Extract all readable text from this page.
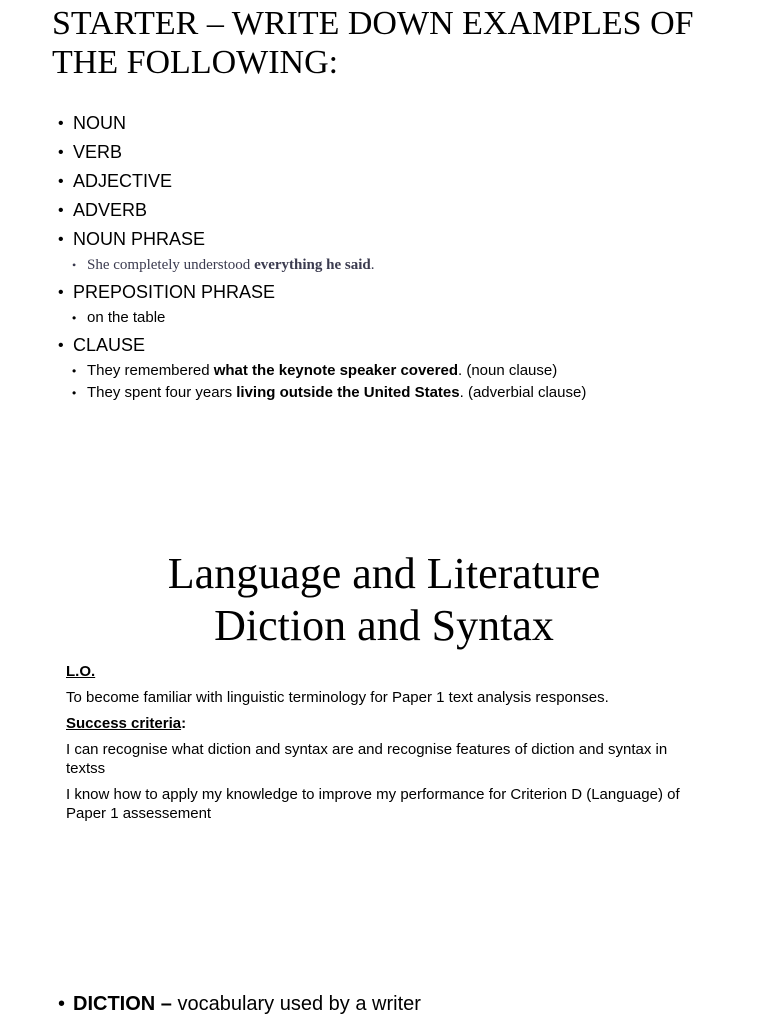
STARTER – WRITE DOWN EXAMPLES OF THE FOLLOWING:
• NOUN
• VERB
• ADJECTIVE
• ADVERB
• NOUN PHRASE
• She completely understood everything he said.
• PREPOSITION PHRASE
• on the table
• CLAUSE
• They remembered what the keynote speaker covered. (noun clause)
• They spent four years living outside the United States. (adverbial clause)
Language and Literature
Diction and Syntax

L.O.

To become familiar with linguistic terminology for Paper 1 text analysis responses.

Success criteria:

I can recognise what diction and syntax are and recognise features of diction and syntax in textss

I know how to apply my knowledge to improve my performance for Criterion D (Language) of Paper 1 assessement

• DICTION – vocabulary used by a writer
